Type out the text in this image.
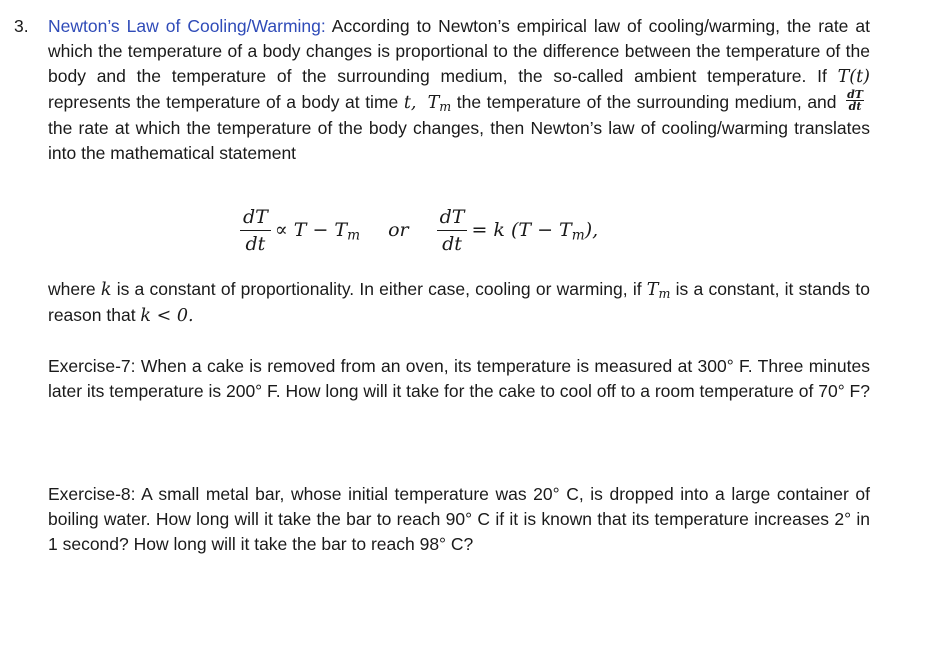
3. Newton’s Law of Cooling/Warming: According to Newton’s empirical law of cooling/warming, the rate at which the temperature of a body changes is proportional to the difference between the temperature of the body and the temperature of the surrounding medium, the so-called ambient temperature. If T(t) represents the temperature of a body at time t, $T_m$ the temperature of the surrounding medium, and $\frac{dT}{dt}$
the rate at which the temperature of the body changes, then Newton’s law of cooling/warming translates into the mathematical statement
$\frac{dT}{dt} \propto T - T_m$ or $\frac{dT}{dt} = k$ $(T - T_m)$,
where k is a constant of proportionality. In either case, cooling or warming, if $T_m$ is a constant, it stands to reason that k < 0.
Exercise-7: When a cake is removed from an oven, its temperature is measured at 300° F. Three minutes later its temperature is 200° F. How long will it take for the cake to cool off to a room temperature of 70° F?
Exercise-8: A small metal bar, whose initial temperature was 20° C, is dropped into a large container of boiling water. How long will it take the bar to reach 90° C if it is known that its temperature increases 2° in 1 second? How long will it take the bar to reach 98° C?
